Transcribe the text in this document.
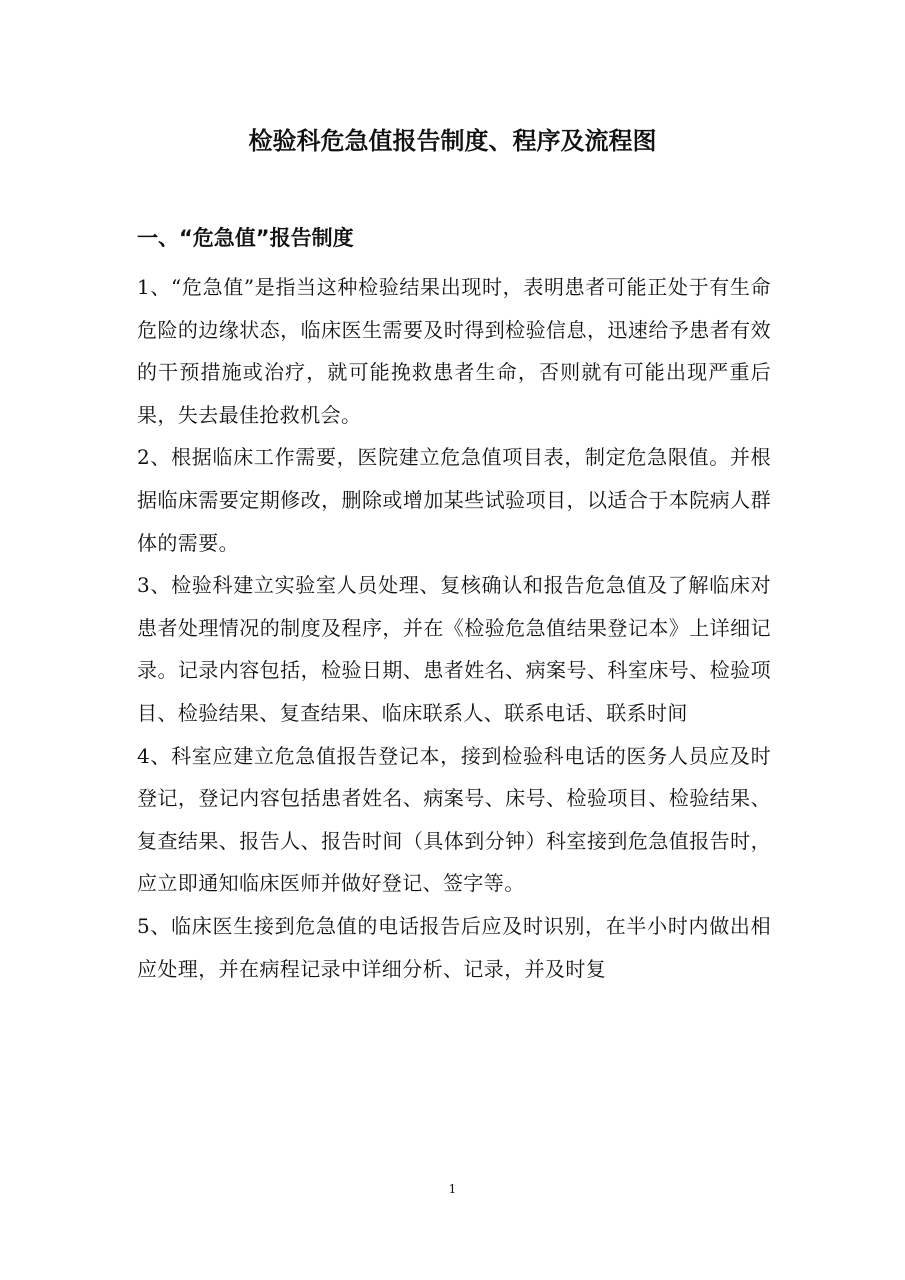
检验科危急值报告制度、程序及流程图
一、“危急值”报告制度

1、“危急值”是指当这种检验结果出现时，表明患者可能正处于有生命危险的边缘状态，临床医生需要及时得到检验信息，迅速给予患者有效的干预措施或治疗，就可能挽救患者生命，否则就有可能出现严重后果，失去最佳抢救机会。

2、根据临床工作需要，医院建立危急值项目表，制定危急限值。并根据临床需要定期修改，删除或增加某些试验项目，以适合于本院病人群体的需要。

3、检验科建立实验室人员处理、复核确认和报告危急值及了解临床对患者处理情况的制度及程序，并在《检验危急值结果登记本》上详细记录。记录内容包括，检验日期、患者姓名、病案号、科室床号、检验项目、检验结果、复查结果、临床联系人、联系电话、联系时间

4、科室应建立危急值报告登记本，接到检验科电话的医务人员应及时登记，登记内容包括患者姓名、病案号、床号、检验项目、检验结果、复查结果、报告人、报告时间（具体到分钟）科室接到危急值报告时，应立即通知临床医师并做好登记、签字等。

5、临床医生接到危急值的电话报告后应及时识别，在半小时内做出相应处理，并在病程记录中详细分析、记录，并及时复

1
